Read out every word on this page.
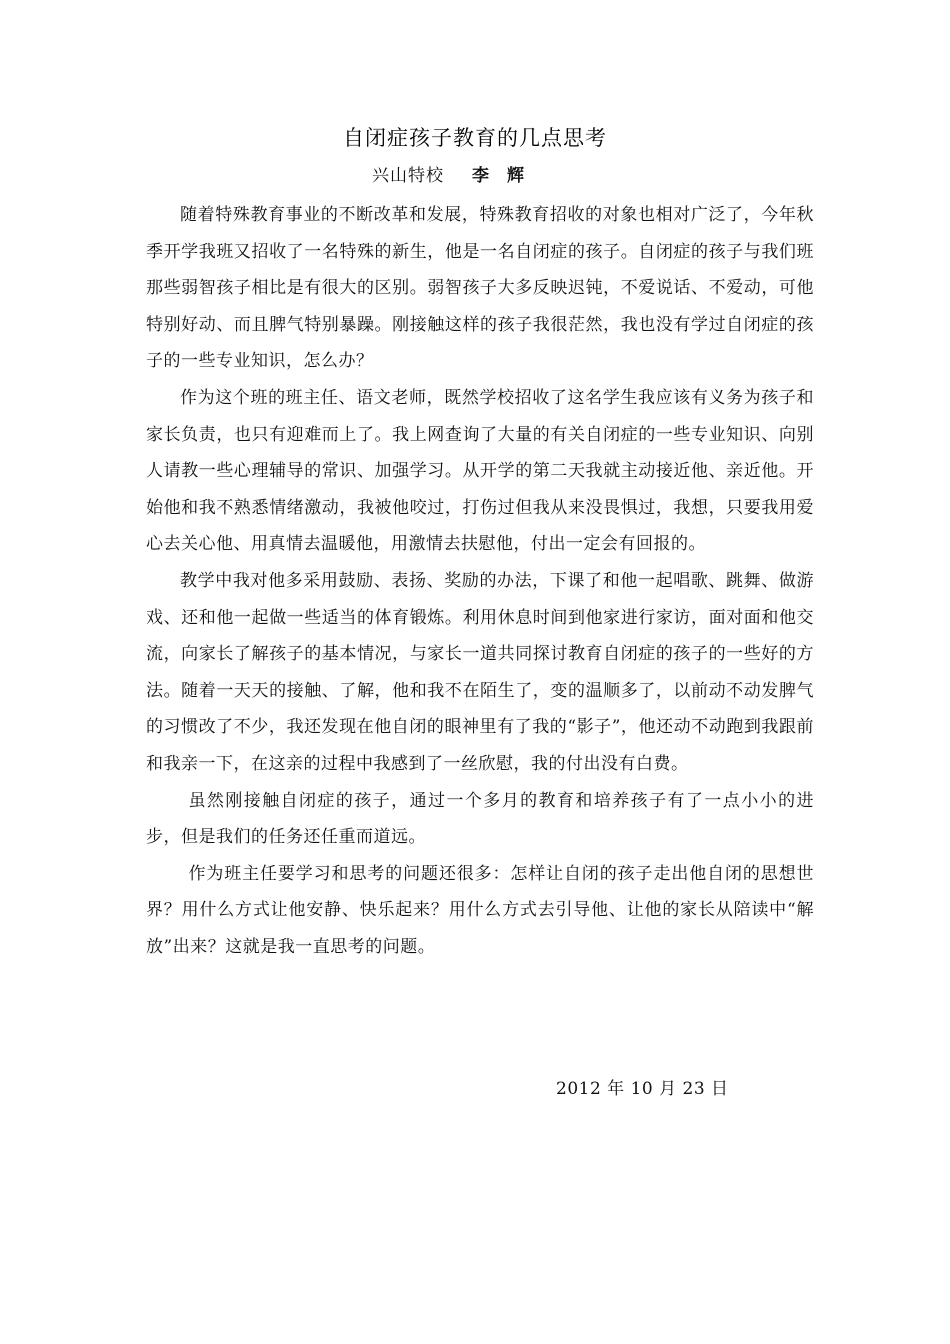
自闭症孩子教育的几点思考
兴山特校 李辉

随着特殊教育事业的不断改革和发展，特殊教育招收的对象也相对广泛了，今年秋季开学我班又招收了一名特殊的新生，他是一名自闭症的孩子。自闭症的孩子与我们班那些弱智孩子相比是有很大的区别。弱智孩子大多反映迟钝，不爱说话、不爱动，可他特别好动、而且脾气特别暴躁。刚接触这样的孩子我很茫然，我也没有学过自闭症的孩子的一些专业知识，怎么办？

作为这个班的班主任、语文老师，既然学校招收了这名学生我应该有义务为孩子和家长负责，也只有迎难而上了。我上网查询了大量的有关自闭症的一些专业知识、向别人请教一些心理辅导的常识、加强学习。从开学的第二天我就主动接近他、亲近他。开始他和我不熟悉情绪激动，我被他咬过，打伤过但我从来没畏惧过，我想，只要我用爱心去关心他、用真情去温暖他，用激情去扶慰他，付出一定会有回报的。

教学中我对他多采用鼓励、表扬、奖励的办法，下课了和他一起唱歌、跳舞、做游戏、还和他一起做一些适当的体育锻炼。利用休息时间到他家进行家访，面对面和他交流，向家长了解孩子的基本情况，与家长一道共同探讨教育自闭症的孩子的一些好的方法。随着一天天的接触、了解，他和我不在陌生了，变的温顺多了，以前动不动发脾气的习惯改了不少，我还发现在他自闭的眼神里有了我的“影子”，他还动不动跑到我跟前和我亲一下，在这亲的过程中我感到了一丝欣慰，我的付出没有白费。

虽然刚接触自闭症的孩子，通过一个多月的教育和培养孩子有了一点小小的进步，但是我们的任务还任重而道远。

作为班主任要学习和思考的问题还很多：怎样让自闭的孩子走出他自闭的思想世界？用什么方式让他安静、快乐起来？用什么方式去引导他、让他的家长从陪读中“解放”出来？这就是我一直思考的问题。

2012 年 10 月 23 日
